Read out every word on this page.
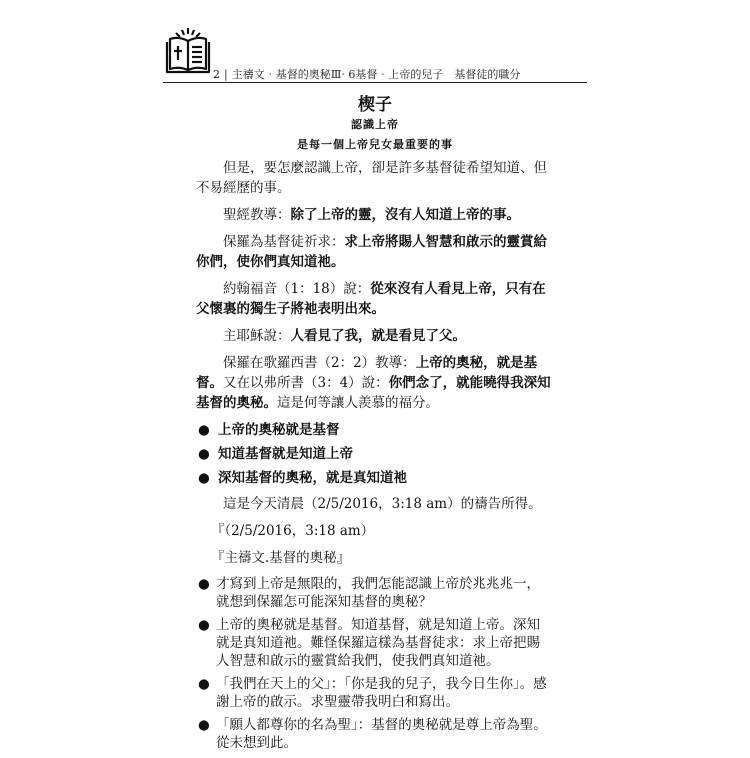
2 | 主禱文‧基督的奧秘Ⅲ‧ 6基督‧上帝的兒子　基督徒的職分
楔子
認識上帝
是每一個上帝兒女最重要的事

但是，要怎麼認識上帝，卻是許多基督徒希望知道、但不易經歷的事。

聖經教導：除了上帝的靈，沒有人知道上帝的事。

保羅為基督徒祈求：求上帝將賜人智慧和啟示的靈賞給你們，使你們真知道祂。

約翰福音（1：18）說：從來沒有人看見上帝，只有在父懷裏的獨生子將祂表明出來。

主耶穌說：人看見了我，就是看見了父。

保羅在歌羅西書（2：2）教導：上帝的奧秘，就是基督。又在以弗所書（3：4）說：你們念了，就能曉得我深知基督的奧秘。這是何等讓人羨慕的福分。

● 上帝的奧秘就是基督
● 知道基督就是知道上帝
● 深知基督的奧秘，就是真知道祂

這是今天清晨（2/5/2016，3:18 am）的禱告所得。

『（2/5/2016，3:18 am）

『主禱文.基督的奧秘』

● 才寫到上帝是無限的，我們怎能認識上帝於兆兆兆一，就想到保羅怎可能深知基督的奧秘？
● 上帝的奧秘就是基督。知道基督，就是知道上帝。深知就是真知道祂。難怪保羅這樣為基督徒求：求上帝把賜人智慧和啟示的靈賞給我們，使我們真知道祂。
● 「我們在天上的父」：「你是我的兒子，我今日生你」。感謝上帝的啟示。求聖靈帶我明白和寫出。
● 「願人都尊你的名為聖」：基督的奧秘就是尊上帝為聖。從未想到此。
